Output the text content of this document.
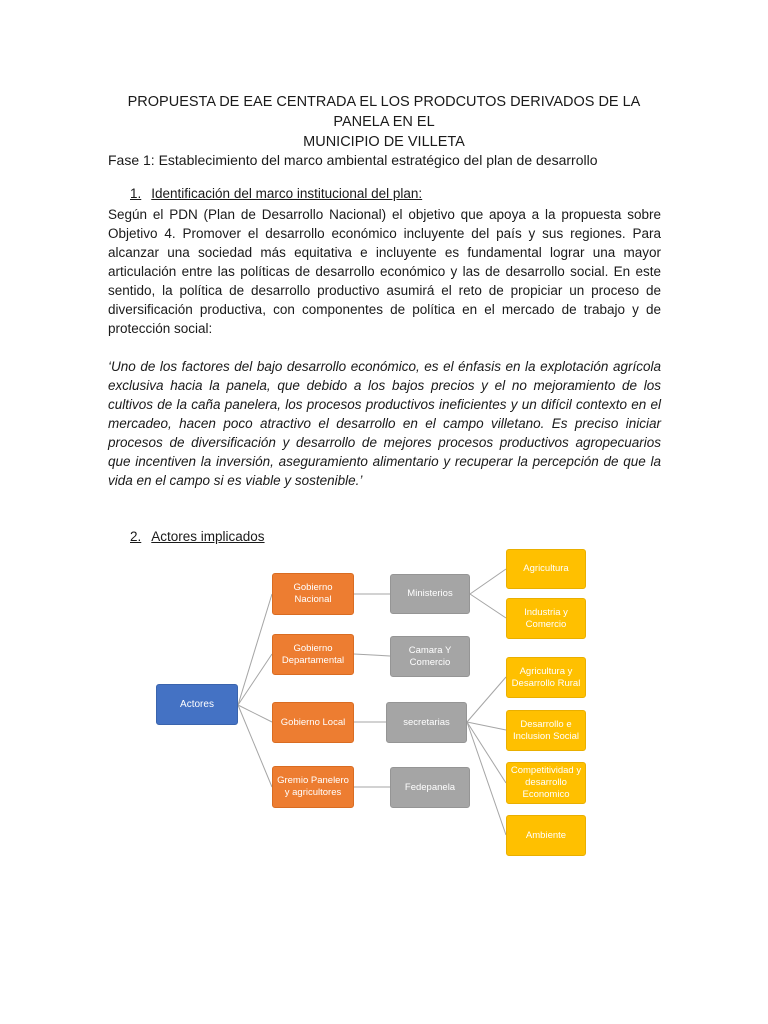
PROPUESTA DE EAE CENTRADA EL LOS PRODCUTOS DERIVADOS DE LA PANELA EN EL
MUNICIPIO DE VILLETA
Fase 1: Establecimiento del marco ambiental estratégico del plan de desarrollo
1. Identificación del marco institucional del plan:
Según el PDN (Plan de Desarrollo Nacional) el objetivo que apoya a la propuesta sobre Objetivo 4. Promover el desarrollo económico incluyente del país y sus regiones. Para alcanzar una sociedad más equitativa e incluyente es fundamental lograr una mayor articulación entre las políticas de desarrollo económico y las de desarrollo social. En este sentido, la política de desarrollo productivo asumirá el reto de propiciar un proceso de diversificación productiva, con componentes de política en el mercado de trabajo y de protección social:
‘Uno de los factores del bajo desarrollo económico, es el énfasis en la explotación agrícola exclusiva hacia la panela, que debido a los bajos precios y el no mejoramiento de los cultivos de la caña panelera, los procesos productivos ineficientes y un difícil contexto en el mercadeo, hacen poco atractivo el desarrollo en el campo villetano. Es preciso iniciar procesos de diversificación y desarrollo de mejores procesos productivos agropecuarios que incentiven la inversión, aseguramiento alimentario y recuperar la percepción de que la vida en el campo si es viable y sostenible.’
2. Actores implicados
Actores
Gobierno Nacional
Gobierno Departamental
Gobierno Local
Gremio Panelero y agricultores
Ministerios
Camara Y Comercio
secretarias
Fedepanela
Agricultura
Industria y Comercio
Agricultura y Desarrollo Rural
Desarrollo e Inclusion Social
Competitividad y desarrollo Economico
Ambiente
